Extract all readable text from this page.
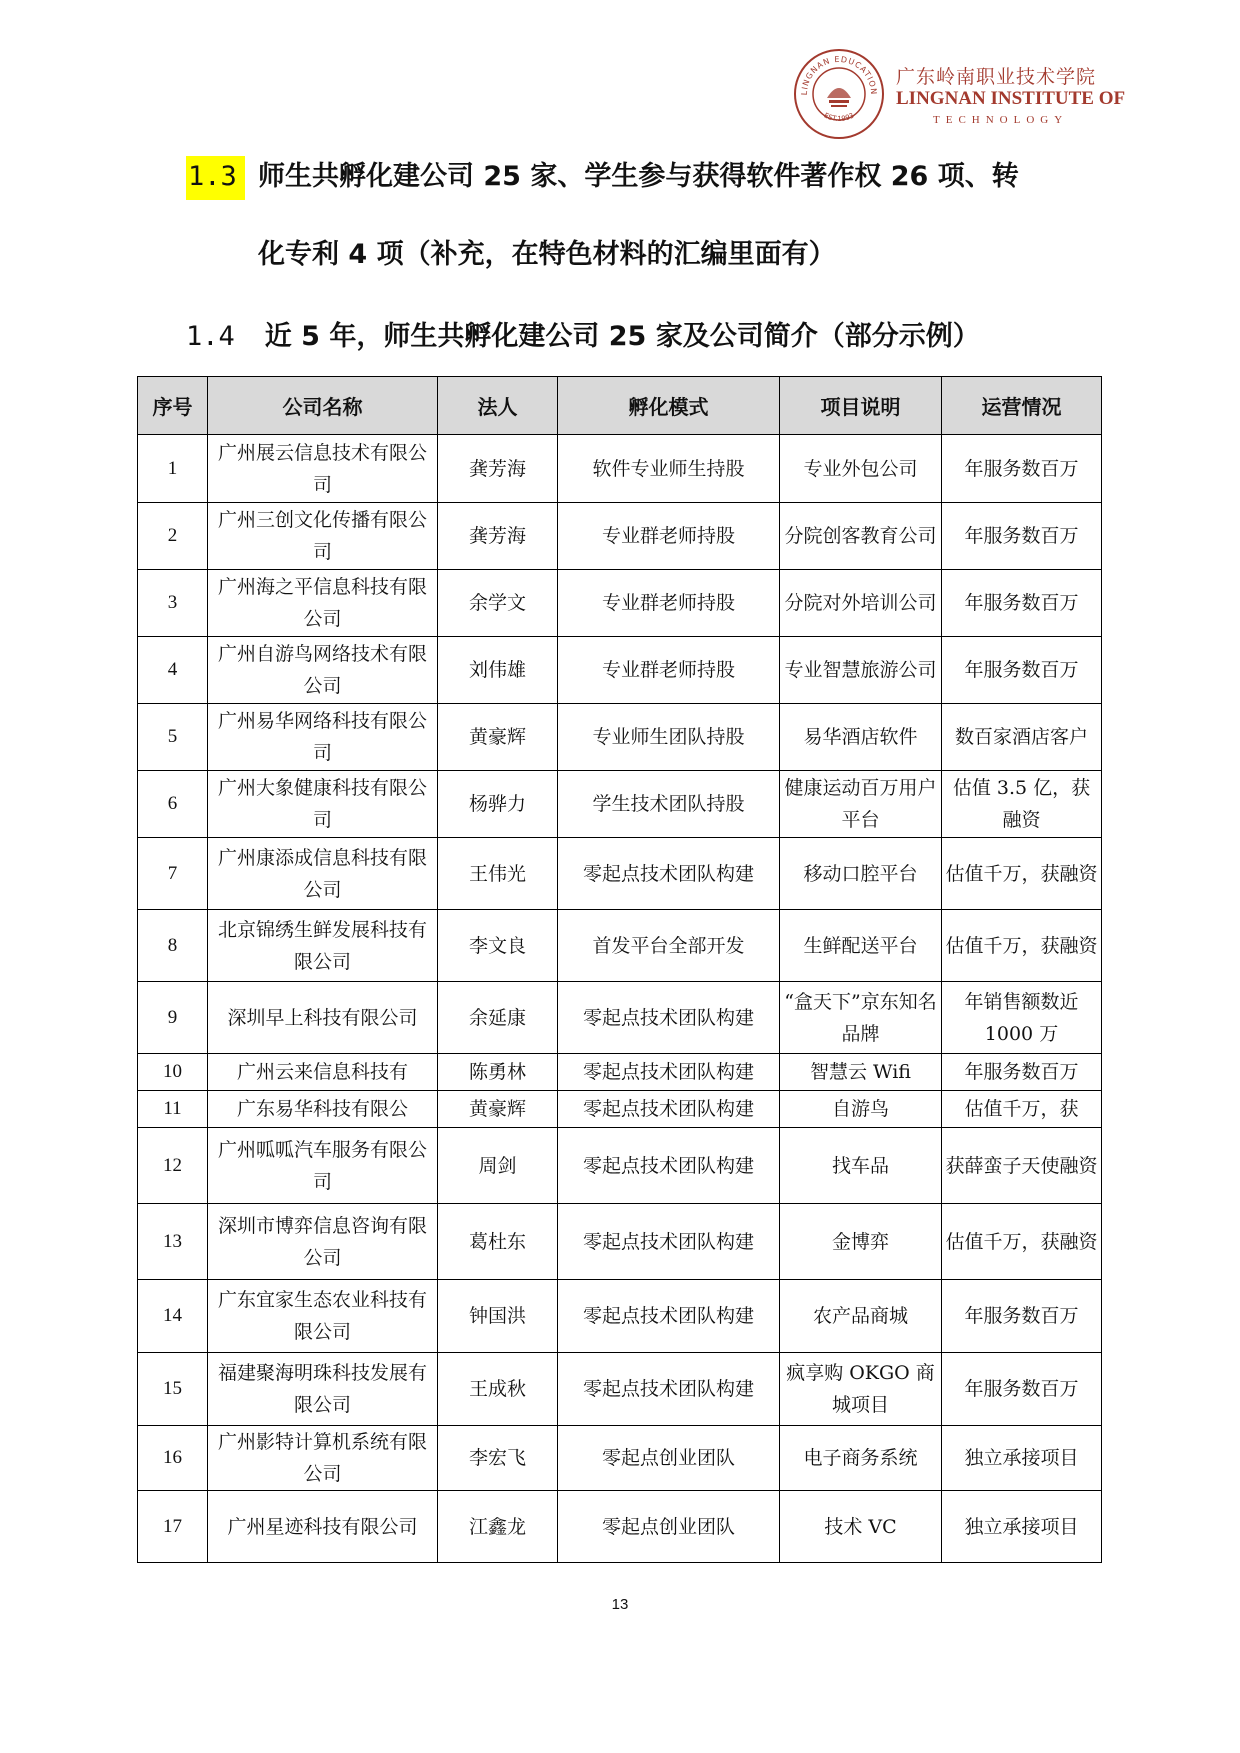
LINGNAN EDUCATION
EST.1993
广东岭南职业技术学院
LINGNAN INSTITUTE OF
TECHNOLOGY
1.3 师生共孵化建公司 25 家、学生参与获得软件著作权 26 项、转
化专利 4 项（补充，在特色材料的汇编里面有）
1.4 近 5 年，师生共孵化建公司 25 家及公司简介（部分示例）
序号	公司名称	法人	孵化模式	项目说明	运营情况
1	广州展云信息技术有限公司	龚芳海	软件专业师生持股	专业外包公司	年服务数百万
2	广州三创文化传播有限公司	龚芳海	专业群老师持股	分院创客教育公司	年服务数百万
3	广州海之平信息科技有限公司	余学文	专业群老师持股	分院对外培训公司	年服务数百万
4	广州自游鸟网络技术有限公司	刘伟雄	专业群老师持股	专业智慧旅游公司	年服务数百万
5	广州易华网络科技有限公司	黄豪辉	专业师生团队持股	易华酒店软件	数百家酒店客户
6	广州大象健康科技有限公司	杨骅力	学生技术团队持股	健康运动百万用户平台	估值 3.5 亿，获融资
7	广州康添成信息科技有限公司	王伟光	零起点技术团队构建	移动口腔平台	估值千万，获融资
8	北京锦绣生鲜发展科技有限公司	李文良	首发平台全部开发	生鲜配送平台	估值千万，获融资
9	深圳早上科技有限公司	余延康	零起点技术团队构建	“盒天下”京东知名品牌	年销售额数近 1000 万
10	广州云来信息科技有	陈勇林	零起点技术团队构建	智慧云 Wifi	年服务数百万
11	广东易华科技有限公	黄豪辉	零起点技术团队构建	自游鸟	估值千万，获
12	广州呱呱汽车服务有限公司	周剑	零起点技术团队构建	找车品	获薛蛮子天使融资
13	深圳市博弈信息咨询有限公司	葛杜东	零起点技术团队构建	金博弈	估值千万，获融资
14	广东宜家生态农业科技有限公司	钟国洪	零起点技术团队构建	农产品商城	年服务数百万
15	福建聚海明珠科技发展有限公司	王成秋	零起点技术团队构建	疯享购 OKGO 商城项目	年服务数百万
16	广州影特计算机系统有限公司	李宏飞	零起点创业团队	电子商务系统	独立承接项目
17	广州星迹科技有限公司	江鑫龙	零起点创业团队	技术 VC	独立承接项目
13
